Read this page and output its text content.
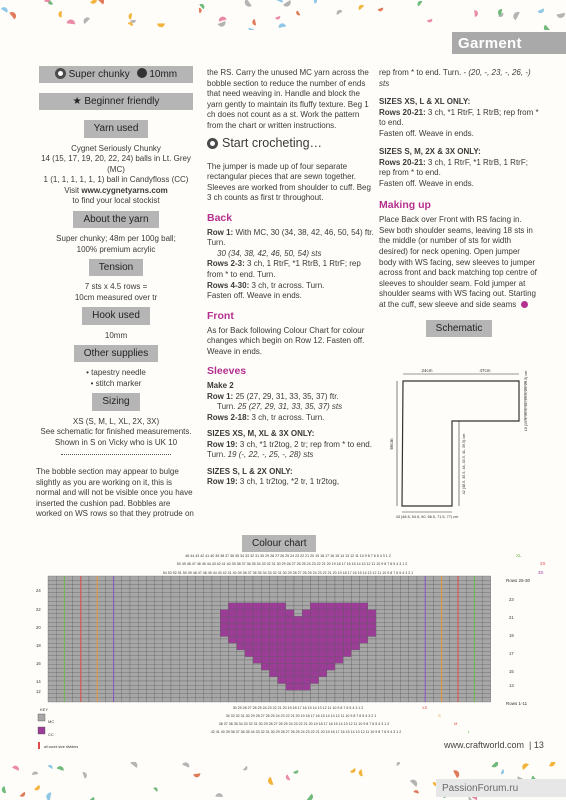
Garment
Super chunky 10mm ★ Beginner friendly Yarn used
Cygnet Seriously Chunky
14 (15, 17, 19, 20, 22, 24) balls in Lt. Grey (MC)
1 (1, 1, 1, 1, 1, 1) ball in Candyfloss (CC)
Visit www.cygnetyarns.com
to find your local stockist
About the yarn
Super chunky; 48m per 100g ball;
100% premium acrylic
Tension
7 sts x 4.5 rows =
10cm measured over tr
Hook used
10mm
Other supplies
• tapestry needle
• stitch marker
Sizing
XS (S, M, L, XL, 2X, 3X)
See schematic for finished measurements.
Shown in S on Vicky who is UK 10
The bobble section may appear to bulge slightly as you are working on it, this is normal and will not be visible once you have inserted the cushion pad. Bobbles are worked on WS rows so that they protrude on
the RS. Carry the unused MC yarn across the bobble section to reduce the number of ends that need weaving in. Handle and block the yarn gently to maintain its fluffy texture. Beg 1 ch does not count as a st. Work the pattern from the chart or written instructions.
Start crocheting…
The jumper is made up of four separate rectangular pieces that are sewn together. Sleeves are worked from shoulder to cuff. Beg 3 ch counts as first tr throughout.
Back
Row 1: With MC, 30 (34, 38, 42, 46, 50, 54) ftr. Turn.
30 (34, 38, 42, 46, 50, 54) sts
Rows 2-3: 3 ch, 1 RtrF, *1 RtrB, 1 RtrF; rep from * to end. Turn.
Rows 4-30: 3 ch, tr across. Turn.
Fasten off. Weave in ends.
Front
As for Back following Colour Chart for colour changes which begin on Row 12. Fasten off. Weave in ends.
Sleeves
Make 2
Row 1: 25 (27, 29, 31, 33, 35, 37) ftr.
Turn. 25 (27, 29, 31, 33, 35, 37) sts
Rows 2-18: 3 ch, tr across. Turn.
SIZES XS, M, XL & 3X ONLY:
Row 19: 3 ch, *1 tr2tog, 2 tr; rep from * to end. Turn. 19 (-, 22, -, 25, -, 28) sts
SIZES S, L & 2X ONLY:
Row 19: 3 ch, 1 tr2tog, *2 tr, 1 tr2tog,
rep from * to end. Turn. - (20, -, 23, -, 26, -) sts
SIZES XS, L & XL ONLY:
Rows 20-21: 3 ch, *1 RtrF, 1 RtrB; rep from * to end.
Fasten off. Weave in ends.
SIZES S, M, 2X & 3X ONLY:
Rows 20-21: 3 ch, 1 RtrF, *1 RtrB, 1 RtrF; rep from * to end.
Fasten off. Weave in ends.
Making up
Place Back over Front with RS facing in. Sew both shoulder seams, leaving 18 sts in the middle (or number of sts for width desired) for neck opening. Open jumper body with WS facing, sew sleeves to jumper across front and back matching top centre of sleeves to shoulder seam. Fold jumper at shoulder seams with WS facing out. Starting at the cuff, sew sleeve and side seams
Schematic
24cm	47cm
66cm
18 (19.5, 20.5, 22, 23.5, 25, 26.5) cm
42 (48.5, 45.5, 44, 43.5, 41, 39.5) cm
43 (48.5, 54.5, 60, 66.5, 71.5, 77) cm
Colour chart
46 44 43 42 41 40 39 38 37 36 35 34 33 32 31 30 29 28 27 26 25 24 23 22 21 20 19 18 17 16 15 14 13 12 11 10 9 8 7 6 5 4 3 1 2
50 49 48 47 46 45 44 43 42 41 40 39 38 37 36 35 34 33 32 31 30 29 28 27 26 25 24 23 22 21 20 19 18 17 16 15 14 13 12 11 10 9 8 7 6 5 4 3 1 2
54 53 52 51 50 49 48 47 46 45 44 43 42 41 40 39 38 37 36 35 34 33 32 31 30 29 28 27 26 25 24 23 22 21 20 19 18 17 16 15 14 13 12 11 10 9 8 7 6 5 4 3 2 1
XL
2X
3X
Rows 25-30
Rows 1-11
24
22
20
18
16
14
12
23
21
19
17
15
13
30 29 28 27 26 25 24 23 22 21 20 19 18 17 16 15 14 13 12 11 10 9 8 7 6 5 4 3 1 2
34 33 32 31 30 29 28 27 26 25 24 23 22 21 20 19 18 17 16 15 14 13 12 11 10 9 8 7 6 5 4 3 2 1
38 37 36 35 34 33 32 31 30 29 28 27 26 25 24 23 22 21 20 19 18 17 16 15 14 13 12 11 10 9 8 7 6 5 4 3 1 2
42 41 40 39 38 37 36 35 34 33 32 31 30 29 28 27 26 25 24 23 22 21 20 19 18 17 16 15 14 13 12 11 10 9 8 7 6 5 4 3 1 2
XS
S
M
L
KEY
MC
CC
all count size dividers	www.craftworld.com | 13
PassionForum.ru
